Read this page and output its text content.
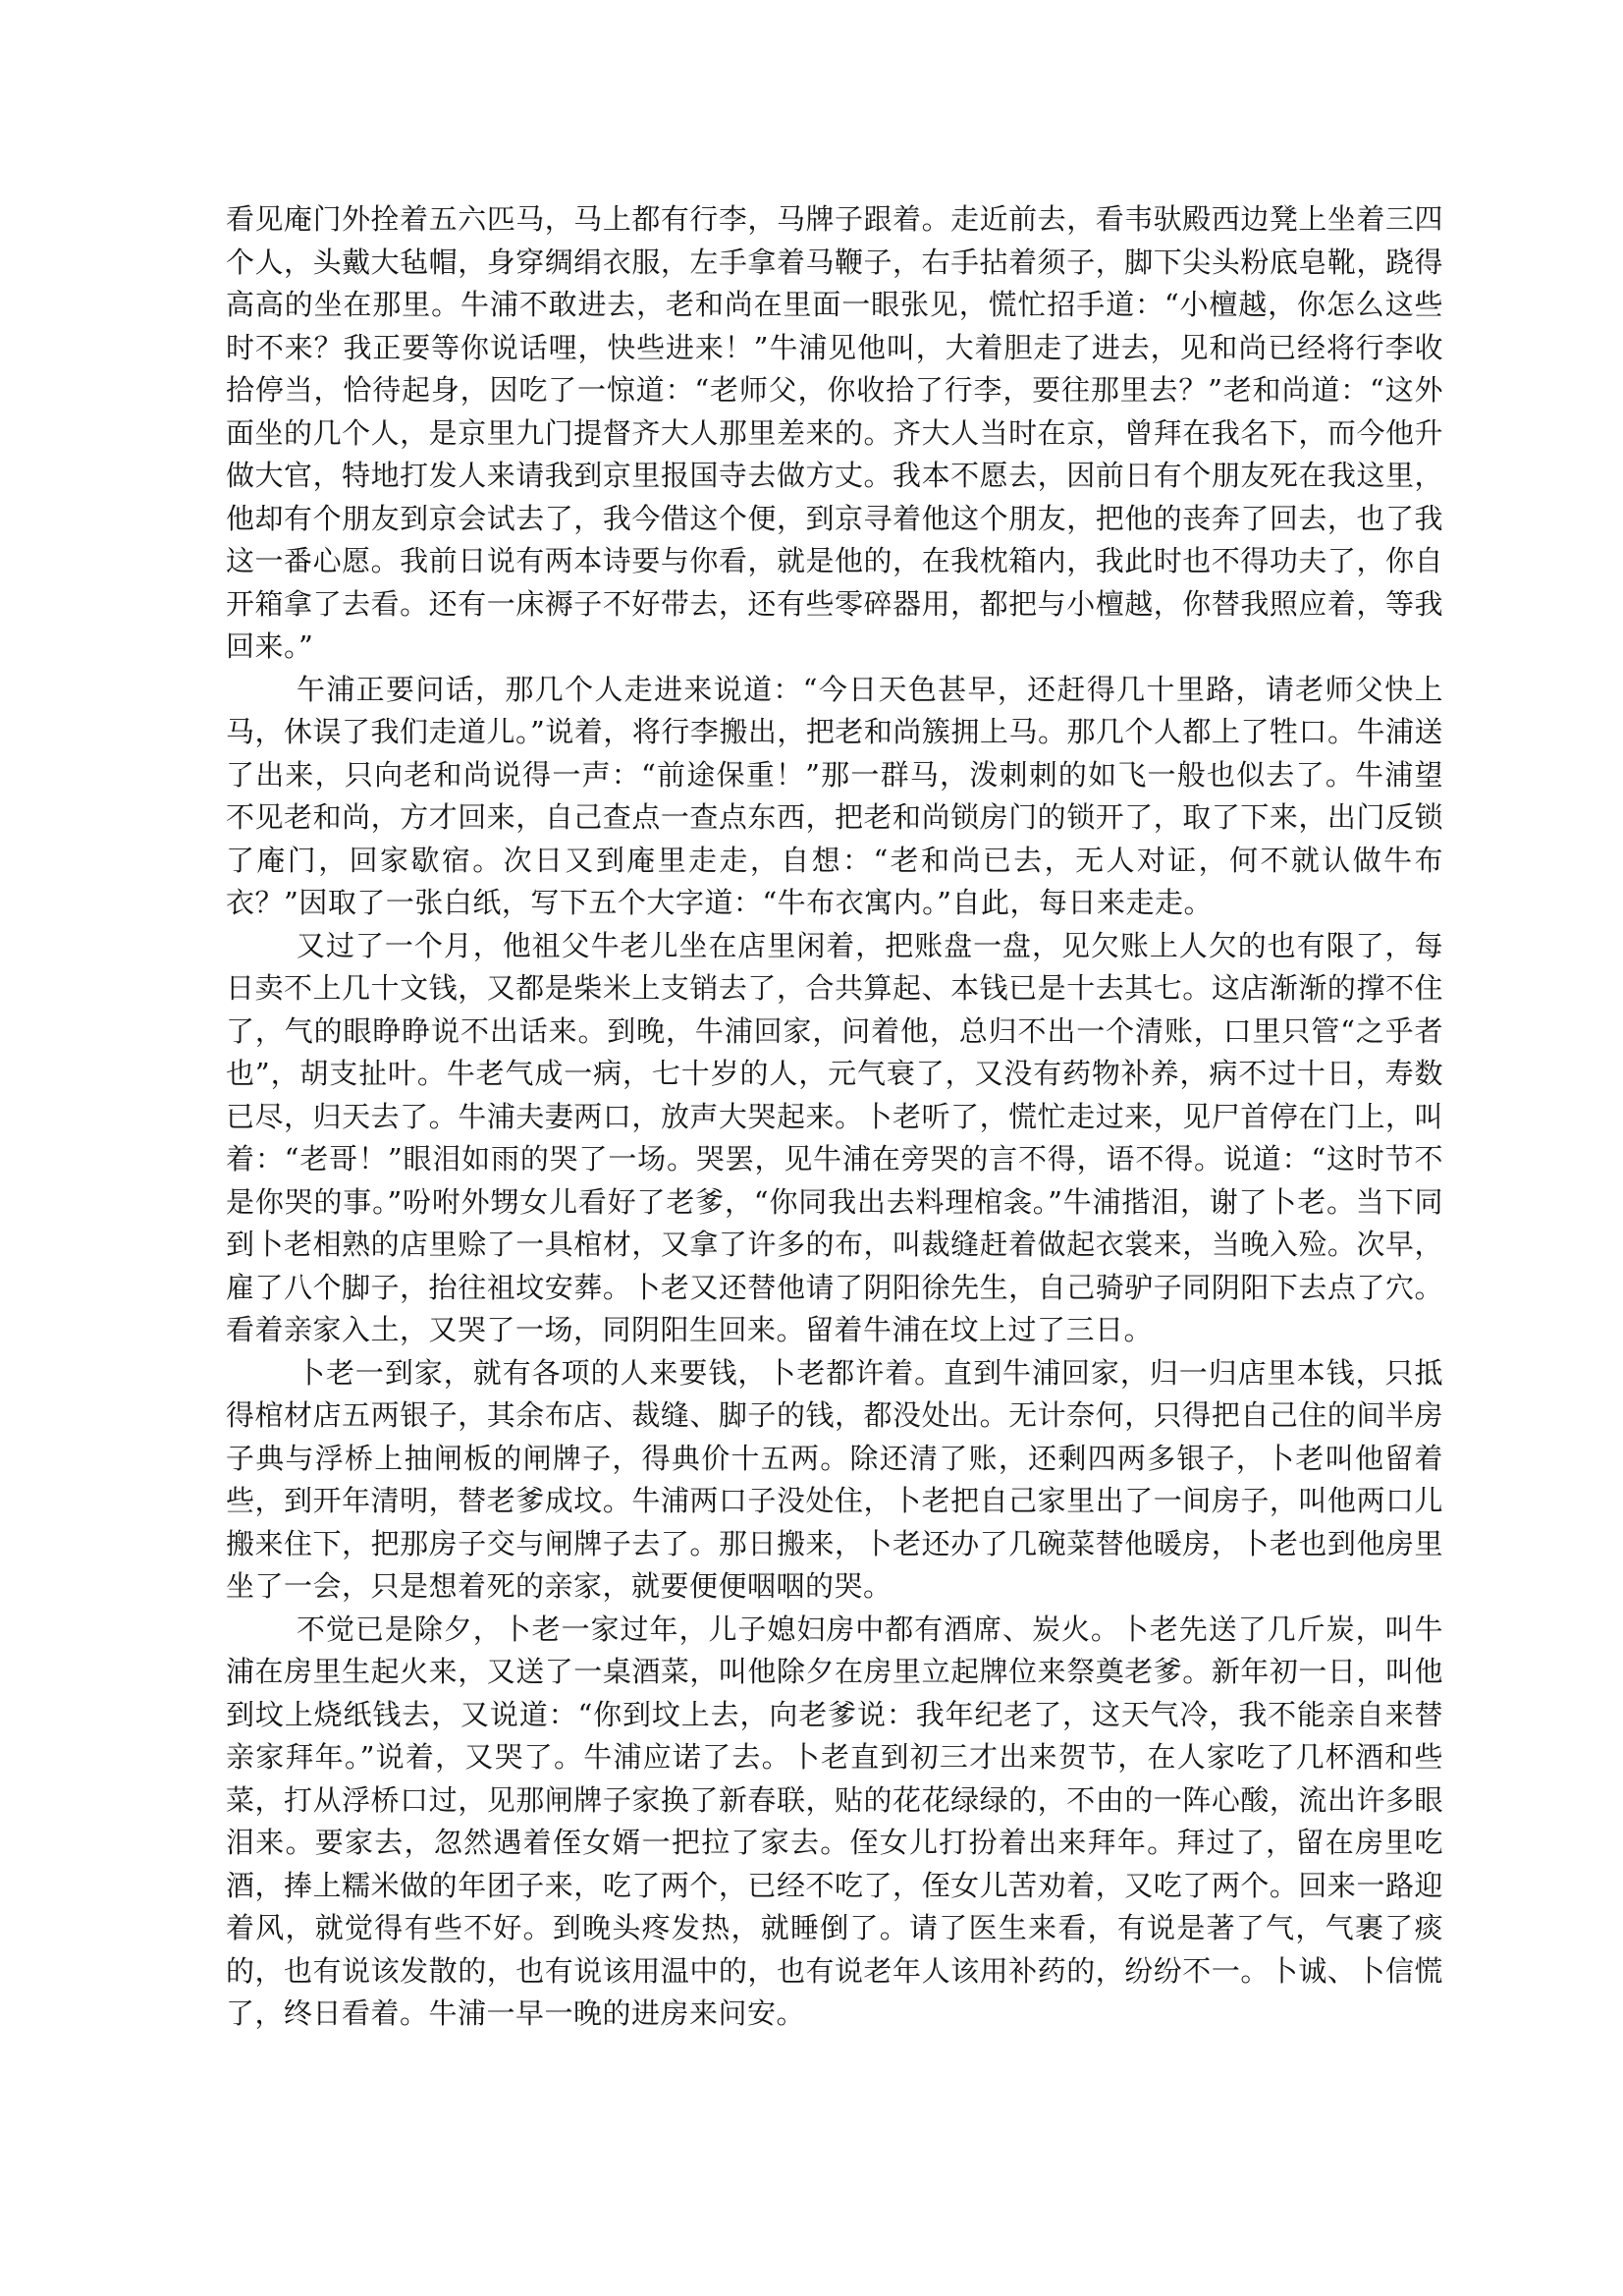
看见庵门外拴着五六匹马，马上都有行李，马牌子跟着。走近前去，看韦驮殿西边凳上坐着三四个人，头戴大毡帽，身穿绸绢衣服，左手拿着马鞭子，右手拈着须子，脚下尖头粉底皂靴，跷得高高的坐在那里。牛浦不敢进去，老和尚在里面一眼张见，慌忙招手道：“小檀越，你怎么这些时不来？我正要等你说话哩，快些进来！”牛浦见他叫，大着胆走了进去，见和尚已经将行李收拾停当，恰待起身，因吃了一惊道：“老师父，你收拾了行李，要往那里去？”老和尚道：“这外面坐的几个人，是京里九门提督齐大人那里差来的。齐大人当时在京，曾拜在我名下，而今他升做大官，特地打发人来请我到京里报国寺去做方丈。我本不愿去，因前日有个朋友死在我这里，他却有个朋友到京会试去了，我今借这个便，到京寻着他这个朋友，把他的丧奔了回去，也了我这一番心愿。我前日说有两本诗要与你看，就是他的，在我枕箱内，我此时也不得功夫了，你自开箱拿了去看。还有一床褥子不好带去，还有些零碎器用，都把与小檀越，你替我照应着，等我回来。”

午浦正要问话，那几个人走进来说道：“今日天色甚早，还赶得几十里路，请老师父快上马，休误了我们走道儿。”说着，将行李搬出，把老和尚簇拥上马。那几个人都上了牲口。牛浦送了出来，只向老和尚说得一声：“前途保重！”那一群马，泼刺刺的如飞一般也似去了。牛浦望不见老和尚，方才回来，自己查点一查点东西，把老和尚锁房门的锁开了，取了下来，出门反锁了庵门，回家歇宿。次日又到庵里走走，自想：“老和尚已去，无人对证，何不就认做牛布衣？”因取了一张白纸，写下五个大字道：“牛布衣寓内。”自此，每日来走走。

又过了一个月，他祖父牛老儿坐在店里闲着，把账盘一盘，见欠账上人欠的也有限了，每日卖不上几十文钱，又都是柴米上支销去了，合共算起、本钱已是十去其七。这店渐渐的撑不住了，气的眼睁睁说不出话来。到晚，牛浦回家，问着他，总归不出一个清账，口里只管“之乎者也”，胡支扯叶。牛老气成一病，七十岁的人，元气衰了，又没有药物补养，病不过十日，寿数已尽，归天去了。牛浦夫妻两口，放声大哭起来。卜老听了，慌忙走过来，见尸首停在门上，叫着：“老哥！”眼泪如雨的哭了一场。哭罢，见牛浦在旁哭的言不得，语不得。说道：“这时节不是你哭的事。”吩咐外甥女儿看好了老爹，“你同我出去料理棺衾。”牛浦揩泪，谢了卜老。当下同到卜老相熟的店里赊了一具棺材，又拿了许多的布，叫裁缝赶着做起衣裳来，当晚入殓。次早，雇了八个脚子，抬往祖坟安葬。卜老又还替他请了阴阳徐先生，自己骑驴子同阴阳下去点了穴。看着亲家入土，又哭了一场，同阴阳生回来。留着牛浦在坟上过了三日。

卜老一到家，就有各项的人来要钱，卜老都许着。直到牛浦回家，归一归店里本钱，只抵得棺材店五两银子，其余布店、裁缝、脚子的钱，都没处出。无计奈何，只得把自己住的间半房子典与浮桥上抽闸板的闸牌子，得典价十五两。除还清了账，还剩四两多银子，卜老叫他留着些，到开年清明，替老爹成坟。牛浦两口子没处住，卜老把自己家里出了一间房子，叫他两口儿搬来住下，把那房子交与闸牌子去了。那日搬来，卜老还办了几碗菜替他暖房，卜老也到他房里坐了一会，只是想着死的亲家，就要便便咽咽的哭。

不觉已是除夕，卜老一家过年，儿子媳妇房中都有酒席、炭火。卜老先送了几斤炭，叫牛浦在房里生起火来，又送了一桌酒菜，叫他除夕在房里立起牌位来祭奠老爹。新年初一日，叫他到坟上烧纸钱去，又说道：“你到坟上去，向老爹说：我年纪老了，这天气冷，我不能亲自来替亲家拜年。”说着，又哭了。牛浦应诺了去。卜老直到初三才出来贺节，在人家吃了几杯酒和些菜，打从浮桥口过，见那闸牌子家换了新春联，贴的花花绿绿的，不由的一阵心酸，流出许多眼泪来。要家去，忽然遇着侄女婿一把拉了家去。侄女儿打扮着出来拜年。拜过了，留在房里吃酒，捧上糯米做的年团子来，吃了两个，已经不吃了，侄女儿苦劝着，又吃了两个。回来一路迎着风，就觉得有些不好。到晚头疼发热，就睡倒了。请了医生来看，有说是著了气，气裹了痰的，也有说该发散的，也有说该用温中的，也有说老年人该用补药的，纷纷不一。卜诚、卜信慌了，终日看着。牛浦一早一晚的进房来问安。
